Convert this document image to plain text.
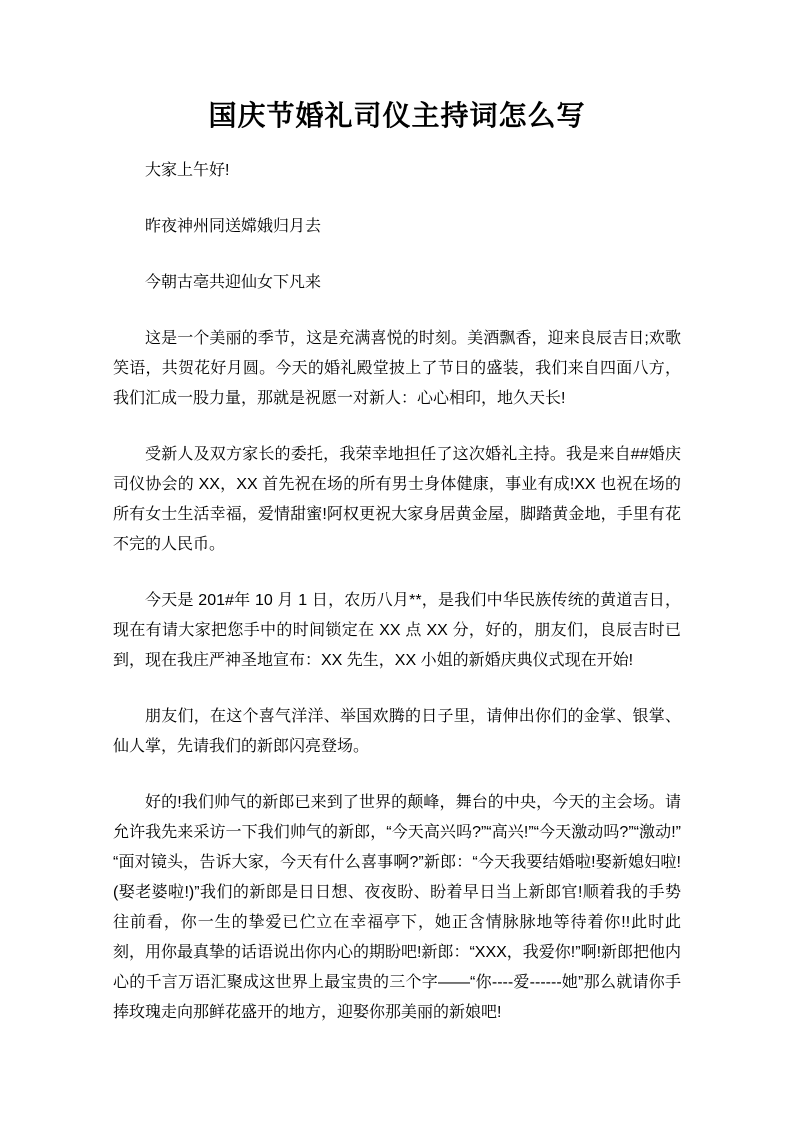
国庆节婚礼司仪主持词怎么写

大家上午好!

昨夜神州同送嫦娥归月去

今朝古亳共迎仙女下凡来

这是一个美丽的季节，这是充满喜悦的时刻。美酒飘香，迎来良辰吉日;欢歌笑语，共贺花好月圆。今天的婚礼殿堂披上了节日的盛装，我们来自四面八方，我们汇成一股力量，那就是祝愿一对新人：心心相印，地久天长!

受新人及双方家长的委托，我荣幸地担任了这次婚礼主持。我是来自##婚庆司仪协会的 XX，XX 首先祝在场的所有男士身体健康，事业有成!XX 也祝在场的所有女士生活幸福，爱情甜蜜!阿权更祝大家身居黄金屋，脚踏黄金地，手里有花不完的人民币。

今天是 201#年 10 月 1 日，农历八月**，是我们中华民族传统的黄道吉日，现在有请大家把您手中的时间锁定在 XX 点 XX 分，好的，朋友们，良辰吉时已到，现在我庄严神圣地宣布：XX 先生，XX 小姐的新婚庆典仪式现在开始!

朋友们，在这个喜气洋洋、举国欢腾的日子里，请伸出你们的金掌、银掌、仙人掌，先请我们的新郎闪亮登场。

好的!我们帅气的新郎已来到了世界的颠峰，舞台的中央，今天的主会场。请允许我先来采访一下我们帅气的新郎，“今天高兴吗?”“高兴!”“今天激动吗?”“激动!”“面对镜头，告诉大家，今天有什么喜事啊?”新郎：“今天我要结婚啦!娶新媳妇啦!(娶老婆啦!)”我们的新郎是日日想、夜夜盼、盼着早日当上新郎官!顺着我的手势往前看，你一生的挚爱已伫立在幸福亭下，她正含情脉脉地等待着你!!此时此刻，用你最真挚的话语说出你内心的期盼吧!新郎：“XXX，我爱你!”啊!新郎把他内心的千言万语汇聚成这世界上最宝贵的三个字——“你----爱------她”那么就请你手捧玫瑰走向那鲜花盛开的地方，迎娶你那美丽的新娘吧!
